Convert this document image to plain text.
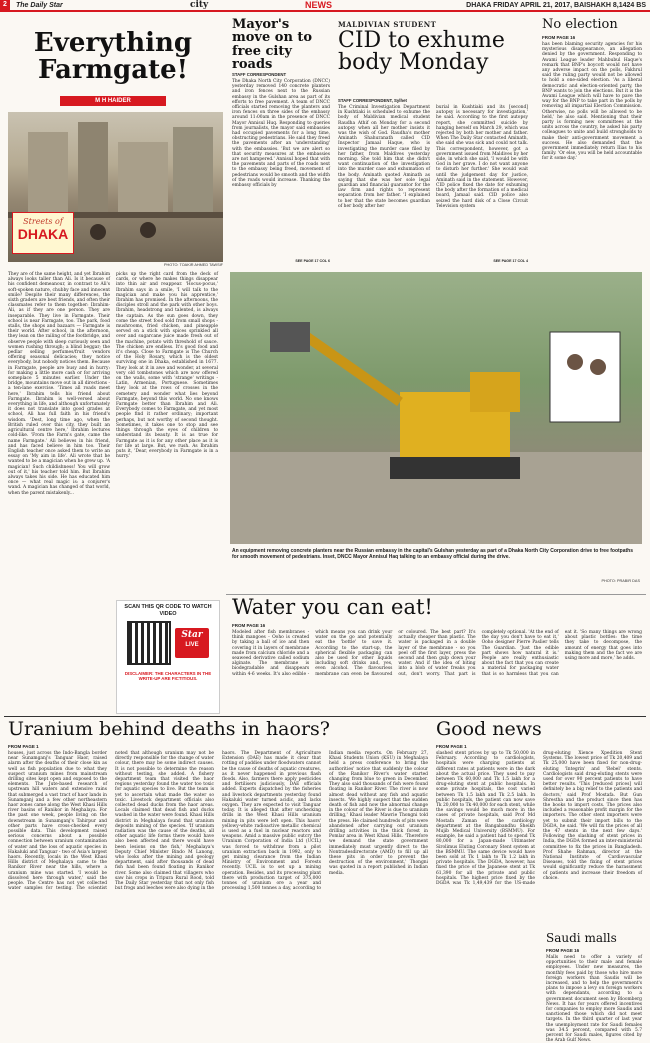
2	The Daily Star	city	NEWS	DHAKA FRIDAY APRIL 21, 2017, BAISHAKH 8,1424 BS
Everything Farmgate!
M H HAIDER
Streets of
DHAKA
PHOTO: TOAKIR AHMED TAWSIF
They are of the same height, and yet Ibrahim always looks taller than Ali. Is it because of his conﬁdent demeanour, in contrast to Ali's soft-spoken nature, chubby face and innocent smile? Despite their many differences, the sixth graders are best friends, and often their classmates refer to them together: Ibrahim-Ali, as if they are one person. They are inseparable. They live in Farmgate. Their school is near Farmgate, too. The park, food stalls, the shops and bazaars — Farmgate is their world. After school, in the afternoon, they lean on the railing of the footbridge, and observe people with sleep curiously seen and women rushing through; a blind beggar; the pedlar selling perfumes/fruit vendors offering seasonal delicacies; they notice everybody, but nobody notices them. Because in Farmgate, people are busy and in hurry: for making a little more cash or for arriving someplace 5 minutes earlier. Under the bridge, mountains move out in all directions - a ten-lane exercise. 'Times all roads meet here,' Ibrahim tells his friend about Farmgate. Ibrahim is well-versed about everything in life, and although unfortunately it does not translate into good grades at school, Ali has full faith in his friend's wisdom. 'Dest, long time ago, when the British ruled over this city, they built an agricultural centre here,' Ibrahim lectures cold-like. 'From the Farm's gate, came the name Farmgate.' Ali believes in his friend, and has faced believe in him too. Their English teacher once asked them to write an essay on 'My aim in life'. Ali wrote that he wanted to be a magician when he grew up. 'A magician! Such childishness! You will grow out of it,' his teacher told him. But Ibrahim always takes his side. He has educated him once — what real magic is: a conjurer's wand. A magician has changed of that world, when the parent mistakenly...
picks up the right card from the deck of cards, or where he makes things disappear into thin air and reappear. 'Hocus-pocus,' Ibrahim says in a smile, 'I will talk to the magician and make you his apprentice,' Ibrahim has promised. In the afternoons, the disciples stroll and the park with other boys. Ibrahim, headstrong and talented, is always the captain. As the sun goes down, they come the street food sold from small shops - mushrooms, fried chicken, and pineapple served on a stick with spices sprinkled all over and sugarcane juice made fresh out of the machine, potato with threshold of sauce. The chicken are endless. It's good food and it's cheap. Close to Farmgate is The Church of the Holy Rosary, which is the oldest surviving one in Dhaka, established in 1677. They look at it in awe and wonder, at several very old tombstones which are now offered on the walls, some with 'strange' writings - Latin, Armenian, Portuguese. Sometimes they look at the rows of crosses in the cemetery and wonder what lies beyond Farmgate, beyond this world. No one knows Farmgate better than Ibrahim and Ali. Everybody comes to Farmgate, and yet most people ﬁnd it rather ordinary; important perhaps, but not worthy of second thought. Sometimes, it takes one to stop and see things through the eyes of children to understand its beauty. It is as true for Farmgate as it is for any other place as it is for life at large. But, we rush. As Ibrahim puts it, 'Dear, everybody in Farmgate is in a hurry.'
SCAN THIS QR CODE TO WATCH VIDEO
Star
LIVE
DISCLAIMER: THE CHARACTERS IN THE WRITE-UP ARE FICTITIOUS.
Mayor's move on to free city roads
STAFF CORRESPONDENT
The Dhaka North City Corporation (DNCC) yesterday removed 140 concrete planters and iron fences next to the Russian embassy in the Gulshan area as part of its efforts to free pavement. A team of DNCC officials started removing the planters and iron fences on three sides of the embassy around 11:00am in the presence of DNCC Mayor Annisul Huq. Responding to queries from journalists, the mayor said embassies had occupied pavements for a long time, obstructing pedestrians. He said they freed the pavements after an 'understanding' with the embassies. 'But we are alert so that security measures at the embassies are not hampered.' Annisul hoped that with the pavements and parts of the roads next to the embassy being freed, movement of pedestrians would be smooth and the width of the roads would increase. Thanking the embassy officials by
SEE PAGE 17 COL 6
MALDIVIAN STUDENT
CID to exhume body Monday
STAFF CORRESPONDENT, Sylhet
The Criminal Investigation Department in Kushtiaki is scheduled to exhume the body of Maldivian medical student Raudha Athif on Monday for a second autopsy when all her mother insists it was the wish of God. Raudha's mother Aminath Shahuranath called CID Inspector Jamaal Haque, who is investigating the murder case filed by her father, from Maldives yesterday morning. She told him that she didn't want continuation of the investigation into the murder case and exhumation of the body. Aminath quoted Aminath as saying that she was her sole legal guardian and financial guarantor for the law firm and rights to represent separation from her father. 'I explained to her that the state becomes guardian of her body after her
burial in Kushtiaki and its [second] autopsy is necessary for investigation,' he said. According to the first autopsy report, she committed suicide by hanging herself on March 29, which was rejected by both her mother and father. When The Daily Star contacted Aminath, she said she was sick and could not talk. This correspondent, however, got a government issued from Maldives by her side, in which she said, 'I would be with God in her grave. I do not want anyone to disturb her further.' She would wait until the judgement day for justice, Aminath said in the statement. However, CID police fixed the date for exhuming the body after the formation of a medical board, Jamaal said. CID police also seized the hard disk of a Close Circuit Television system
SEE PAGE 17 COL 4
No election
FROM PAGE 16
has been blaming security agencies for his mysterious disappearance, an allegation denied by the government. Responding to Awami League leader Mahbubul Haque's remark that BNP's boycott would not have any adverse impact on the polls, Fakhrul said the ruling party would not be allowed to hold a one-sided election. 'As a liberal democratic and election-oriented party, the BNP wants to join the elections. But it is the Awami League which will have to pave the way for the BNP to take part in the polls by removing all impartial Election Commission. Otherwise, no polls will be allowed to be held,' he also said. Mentioning that their party is forming new committees at the units across the country, he asked his party colleagues to unite and build strongholds to make their anti-government movement a success. He also demanded that the government immediately return Ilias to his family. 'Or else, you will be held accountable for it some day.'
An equipment removing concrete planters near the Russian embassy in the capital's Gulshan yesterday as part of a Dhaka North City Corporation drive to free footpaths for smooth movement of pedestrians. Inset, DNCC Mayor Annisul Haq talking to an embassy official during the drive.
PHOTO: PRABIR DAS
Water you can eat!
FROM PAGE 16
Modeled after fish membranes - think mangoes - Ooho is created by taking a ball of ice and then covering it in layers of membrane made from calcium chloride and a seaweed derivative called sodium alginate. The membrane is biodegradable and disappears within 4-6 weeks. It's also edible - which means you can drink your water on the go and potentially eat the 'bottle' to save it. According to the start-up, the spherical flexible packaging can also be used for other liquids including soft drinks and, yes, even alcohol. The flavourless membrane can even be flavoured or coloured. The best part? It's actually cheaper than plastic. The water is packaged in a double layer of the membrane - so you peel off the first layer, press the second and then gulp down your water. And if the idea of biting into a blob of water freaks you out, don't worry. That part is completely optional. 'At the end of the day you don't have to eat it,' Ooho designer Pierre Paslier tells The Guardian. 'Just the edible part shows how natural it is.' People are really enthusiastic about the fact that you can create a material for packaging water that is so harmless that you can eat it. 'So many things are wrong about plastic bottles: the time they take to decompose, the amount of energy that goes into making them and the fact we are using more and more,' he adds.
Uranium behind deaths in haors?
FROM PAGE 1
houses, just across the Indo-Bangla border near Sunamganj's Tanguar Haor, raised alarm after the deaths of their close kin as well as fish population due to what they suspect uranium mines from mainstream drilling sites kept open and exposed to the elements. The Jute-based research of upstream hill waters and extensive rains that submerged a vast tract of haor lands in Sunamganj and a few other northeastern haor zones came along the West Khasi Hills river basins of Ranikor in Meghalaya. For the past one week, people living on the downstream in Sunamganj's Tahirpur and other parts have cross-checked every possible data. This development raised serious concerns about a possible connection between uranium contamination of water and the loss of aquatic species in Hakaluki and Tanguar - two of Asia's largest haors. Recently, locals in the West Khasi Hills district of Meghalaya came to the Ranikor River near the hills, where a uranium mine was started. 'I would be dissolved here through water,' said the people. The Centre has not yet collected water samples for testing. The scientist noted that although uranium may not be directly responsible for the change of water colour, there may be some indirect causes. It is not possible to determine the reason without testing, she added. A fishery department team that visited the haor regions yesterday found the water too toxic for aquatic species to live. But the team is yet to ascertain what made the water so toxic. Livestock department officials also collected dead ducks from the haor areas. Locals claimed that dead fish and ducks washed in the water were found. Khasi Hills district in Meghalaya found that uranium deposits mining of the species. 'If uranium radiation was the cause of the deaths, all other aquatic life forms there would have also been affected and there would have been lesions on the fish,' Meghalaya's Deputy Chief Minister Bindo M Lanong, who looks after the mining and geology department, said after thousands of dead fish had been found floating in Ranikor river. Some also claimed that villagers who saw his crops in Tripura Rural Rood, told The Daily Star yesterday that not only fish but frogs and leeches were also dying in the haors. The Department of Agriculture Extension (DAE) has made it clear that rotting of paddies under floodwaters cannot be the cause of deaths of aquatic creatures, as it never happened in previous flash floods. Also, farmers there apply pesticides and fertilisers judiciously, DAE officials added. Experts dispatched by the fisheries and livestock departments yesterday found Hakaluki water turned acidic, and lacks oxygen. They are expected to visit Tanguar today. It is alleged that after unchecking drills in the West Khasi Hills uranium mining in pits were left open. This haors' yellowy-white radioactive metallic chemical is used as a fuel in nuclear reactors and weapons. Amid a massive public outcry the Uranium Corporation of India Ltd (UCIL) was forced to withdraw from a pilot uranium extraction back in 1992, only to get mining clearance from the Indian Ministry of Environment and Forests recently. UCIL is to set up a mining operation. Besides, and its processing plant there with production target of 375,000 tonnes of uranium ore a year and processing 1,500 tonnes a day, according to Indian media reports. On February 27, Khasi Students Union (KSU) in Meghalaya held a press conference to bring the authorities' notice that suddenly the colour of the Ranikor River's water started changing from blue to green in December. They also said thousands of fish were found floating in Ranikor River. The river is now almost dead without any fish and aquatic insects. 'We highly suspect that the sudden death of fish and now the abnormal change in the colour of the River is due to uranium drilling,' Khasi leader Mawrie Thongni told the press. He claimed hundreds of pits were abandoned after carrying out uranium drilling activities in the thick forest in Pomlar area in West Khasi Hills. 'Therefore we demand the state government immediately must urgently direct to the Nontradesdirectorate (AMD) to fill up all these pits in order to prevent the destruction of the environment,' Thongni was quoted in a report published in Indian media.
Good news
FROM PAGE 1
slashed stent prices by up to Tk 50,000 in February. According to cardiologists, hospitals were charging patients at different rates at patients were in the dark about the actual price. They used to pay between Tk 60,000 and Tk 1.5 lakh for a drug-eluting stent at public hospitals. In some private hospitals, the cost varied between Tk 1.5 lakh and Tk 2.5 lakh. In public hospitals, the patient can now save Tk 20,000 to Tk 40,000 for each stent, while the savings would be much more in the cases of private hospitals, said Prof Md Mostafa Zaman of the cardiology department at the Bangabandhu Sheikh Mujib Medical University (BSMMU). For example, he said a patient had to spend Tk 80,000 for a Japan-made Ultimaster Sirolimus Eluting Coronary Stent system at the BSMMU. The same device would have been sold at Tk 1 lakh to Tk 1.2 lakh in private hospitals. The DGDA, however, has fixed the price of the Japanese stent at Tk 61,390 for all the private and public hospitals. The highest price fixed by the DGDA was Tk 1,49,439 for the US-made drug-eluting Xience Xpedition Stent Systems. The lowest price of Tk 20,409 and Tk 25,000 have been fixed for non-drug-eluting 'Integrin' and 'Rebel' stents. Cardiologists said drug-eluting stents were used for over 90 percent patients to have better results. 'This [reduced prices] will definitely be a big relief to the patients and doctors,' said Prof Mostafa. But Gun Shrestha and the product since then has the books to import costs. The prices also included a reasonable profit margin for the importers. The other stent importers were yet to submit their import bills to the DGDA, he said. 'We will fix the prices of all the 47 stents in the next few days.' Following the slashing of stent prices in India, the DGDA formed an inter-ministerial committee to fix the prices in Bangladesh. Prof Shahe Rahman, director at the National Institute of Cardiovascular Diseases, told the fixing of stent prices would significantly reduce the harassment of patients and increase their freedom of choice.
Saudi malls
FROM PAGE 16
Malls need to offer a variety of opportunities to their male and female employees. Under new measures, the monthly fees paid by those who hire more foreign workers than Saudis will be increased, and to help the government's plans to impose a levy on foreign workers with dependants, according to a government document seen by Bloomberg News. It has for years offered incentives for companies to employ more Saudis and sanctioned those which did not meet targets. In the third quarter of last year the unemployment rate for Saudi females was 34.5 percent, compared with 5.7 percent for Saudi males, figures cited by the Arab Gulf News.
